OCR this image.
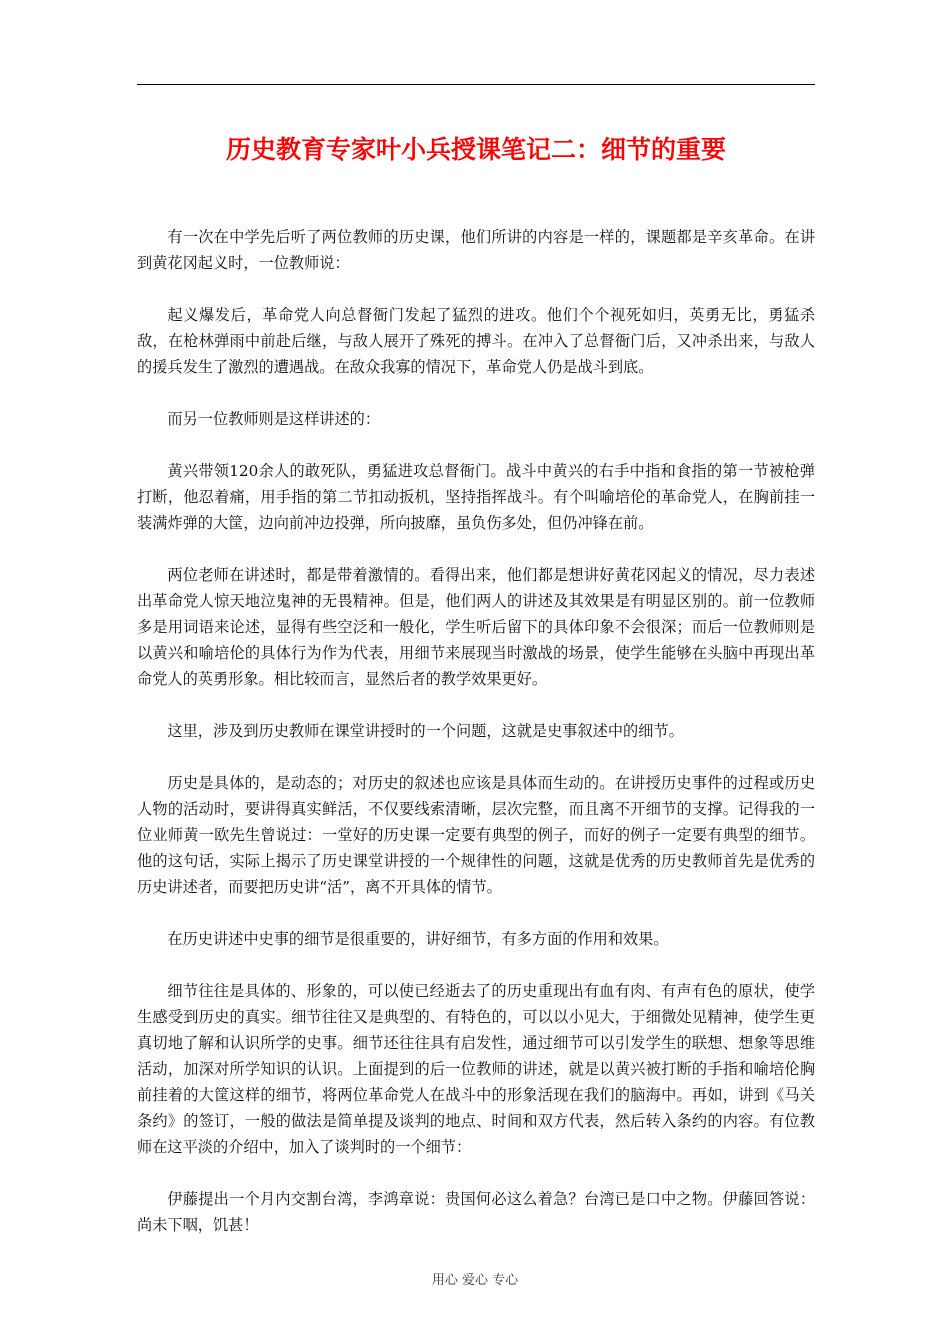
历史教育专家叶小兵授课笔记二：细节的重要

有一次在中学先后听了两位教师的历史课，他们所讲的内容是一样的，课题都是辛亥革命。在讲到黄花冈起义时，一位教师说：

起义爆发后，革命党人向总督衙门发起了猛烈的进攻。他们个个视死如归，英勇无比，勇猛杀敌，在枪林弹雨中前赴后继，与敌人展开了殊死的搏斗。在冲入了总督衙门后，又冲杀出来，与敌人的援兵发生了激烈的遭遇战。在敌众我寡的情况下，革命党人仍是战斗到底。

而另一位教师则是这样讲述的：

黄兴带领120余人的敢死队，勇猛进攻总督衙门。战斗中黄兴的右手中指和食指的第一节被枪弹打断，他忍着痛，用手指的第二节扣动扳机，坚持指挥战斗。有个叫喻培伦的革命党人，在胸前挂一装满炸弹的大筐，边向前冲边投弹，所向披靡，虽负伤多处，但仍冲锋在前。

两位老师在讲述时，都是带着激情的。看得出来，他们都是想讲好黄花冈起义的情况，尽力表述出革命党人惊天地泣鬼神的无畏精神。但是，他们两人的讲述及其效果是有明显区别的。前一位教师多是用词语来论述，显得有些空泛和一般化，学生听后留下的具体印象不会很深；而后一位教师则是以黄兴和喻培伦的具体行为作为代表，用细节来展现当时激战的场景，使学生能够在头脑中再现出革命党人的英勇形象。相比较而言，显然后者的教学效果更好。

这里，涉及到历史教师在课堂讲授时的一个问题，这就是史事叙述中的细节。

历史是具体的，是动态的；对历史的叙述也应该是具体而生动的。在讲授历史事件的过程或历史人物的活动时，要讲得真实鲜活，不仅要线索清晰，层次完整，而且离不开细节的支撑。记得我的一位业师黄一欧先生曾说过：一堂好的历史课一定要有典型的例子，而好的例子一定要有典型的细节。他的这句话，实际上揭示了历史课堂讲授的一个规律性的问题，这就是优秀的历史教师首先是优秀的历史讲述者，而要把历史讲“活”，离不开具体的情节。

在历史讲述中史事的细节是很重要的，讲好细节，有多方面的作用和效果。

细节往往是具体的、形象的，可以使已经逝去了的历史重现出有血有肉、有声有色的原状，使学生感受到历史的真实。细节往往又是典型的、有特色的，可以以小见大，于细微处见精神，使学生更真切地了解和认识所学的史事。细节还往往具有启发性，通过细节可以引发学生的联想、想象等思维活动，加深对所学知识的认识。上面提到的后一位教师的讲述，就是以黄兴被打断的手指和喻培伦胸前挂着的大筐这样的细节，将两位革命党人在战斗中的形象活现在我们的脑海中。再如，讲到《马关条约》的签订，一般的做法是简单提及谈判的地点、时间和双方代表，然后转入条约的内容。有位教师在这平淡的介绍中，加入了谈判时的一个细节：

伊藤提出一个月内交割台湾，李鸿章说：贵国何必这么着急？台湾已是口中之物。伊藤回答说：尚未下咽，饥甚！

用心 爱心 专心
